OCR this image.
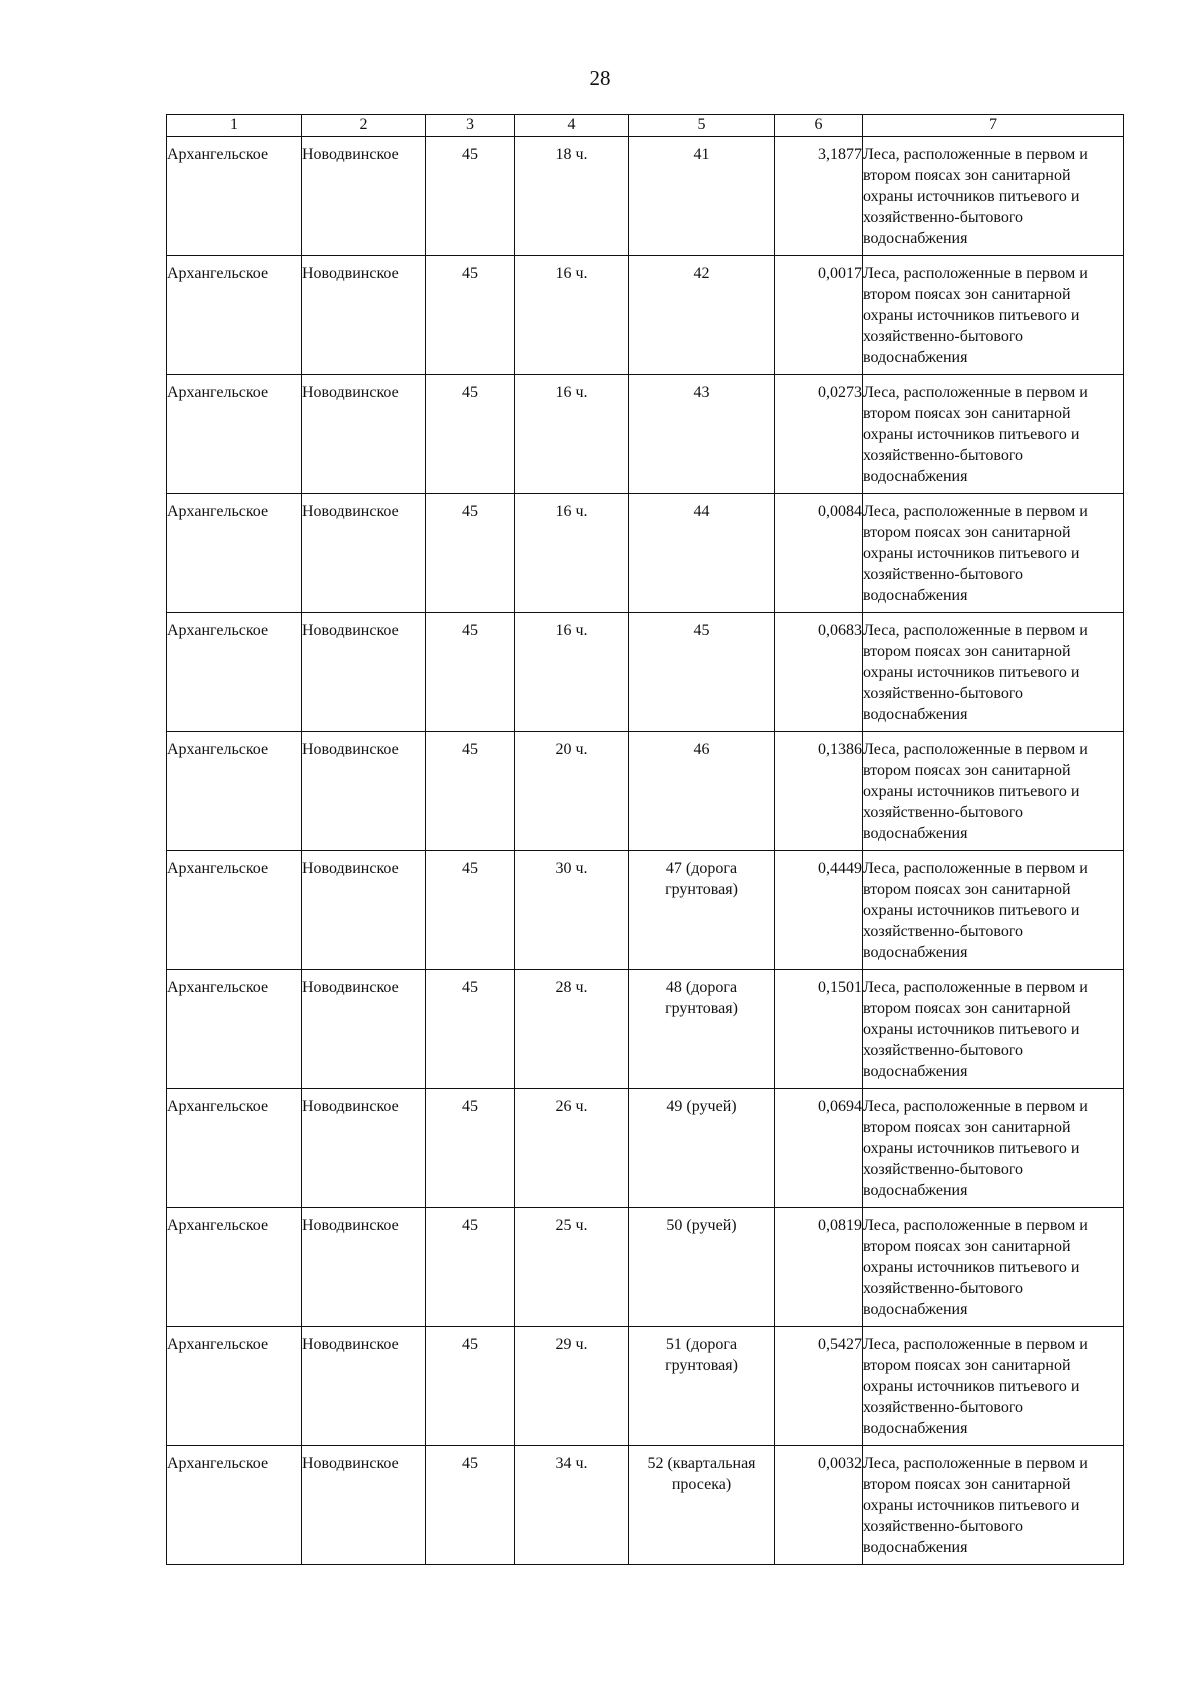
28
1	2	3	4	5	6	7
Архангельское	Новодвинское	45	18 ч.	41	3,1877	Леса, расположенные в первом и втором поясах зон санитарной охраны источников питьевого и хозяйственно-бытового водоснабжения
Архангельское	Новодвинское	45	16 ч.	42	0,0017	Леса, расположенные в первом и втором поясах зон санитарной охраны источников питьевого и хозяйственно-бытового водоснабжения
Архангельское	Новодвинское	45	16 ч.	43	0,0273	Леса, расположенные в первом и втором поясах зон санитарной охраны источников питьевого и хозяйственно-бытового водоснабжения
Архангельское	Новодвинское	45	16 ч.	44	0,0084	Леса, расположенные в первом и втором поясах зон санитарной охраны источников питьевого и хозяйственно-бытового водоснабжения
Архангельское	Новодвинское	45	16 ч.	45	0,0683	Леса, расположенные в первом и втором поясах зон санитарной охраны источников питьевого и хозяйственно-бытового водоснабжения
Архангельское	Новодвинское	45	20 ч.	46	0,1386	Леса, расположенные в первом и втором поясах зон санитарной охраны источников питьевого и хозяйственно-бытового водоснабжения
Архангельское	Новодвинское	45	30 ч.	47 (дорога грунтовая)	0,4449	Леса, расположенные в первом и втором поясах зон санитарной охраны источников питьевого и хозяйственно-бытового водоснабжения
Архангельское	Новодвинское	45	28 ч.	48 (дорога грунтовая)	0,1501	Леса, расположенные в первом и втором поясах зон санитарной охраны источников питьевого и хозяйственно-бытового водоснабжения
Архангельское	Новодвинское	45	26 ч.	49 (ручей)	0,0694	Леса, расположенные в первом и втором поясах зон санитарной охраны источников питьевого и хозяйственно-бытового водоснабжения
Архангельское	Новодвинское	45	25 ч.	50 (ручей)	0,0819	Леса, расположенные в первом и втором поясах зон санитарной охраны источников питьевого и хозяйственно-бытового водоснабжения
Архангельское	Новодвинское	45	29 ч.	51 (дорога грунтовая)	0,5427	Леса, расположенные в первом и втором поясах зон санитарной охраны источников питьевого и хозяйственно-бытового водоснабжения
Архангельское	Новодвинское	45	34 ч.	52 (квартальная просека)	0,0032	Леса, расположенные в первом и втором поясах зон санитарной охраны источников питьевого и хозяйственно-бытового водоснабжения
